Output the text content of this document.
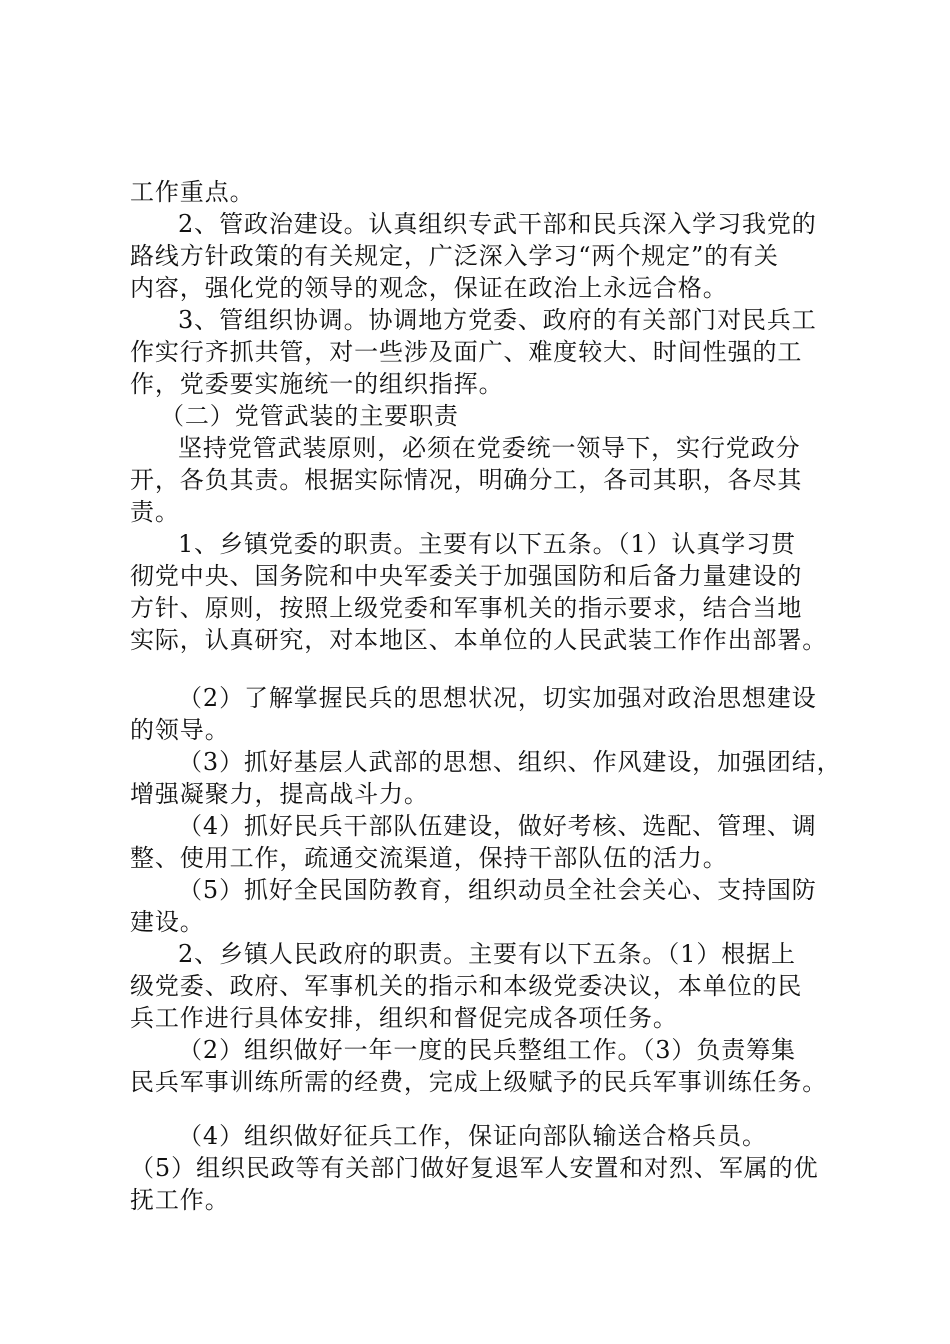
工作重点。
2、管政治建设。认真组织专武干部和民兵深入学习我党的
路线方针政策的有关规定，广泛深入学习“两个规定”的有关
内容，强化党的领导的观念，保证在政治上永远合格。
3、管组织协调。协调地方党委、政府的有关部门对民兵工
作实行齐抓共管，对一些涉及面广、难度较大、时间性强的工
作，党委要实施统一的组织指挥。
（二）党管武装的主要职责
坚持党管武装原则，必须在党委统一领导下，实行党政分
开，各负其责。根据实际情况，明确分工，各司其职，各尽其
责。
1、乡镇党委的职责。主要有以下五条。（1）认真学习贯
彻党中央、国务院和中央军委关于加强国防和后备力量建设的
方针、原则，按照上级党委和军事机关的指示要求，结合当地
实际，认真研究，对本地区、本单位的人民武装工作作出部署。
（2）了解掌握民兵的思想状况，切实加强对政治思想建设
的领导。
（3）抓好基层人武部的思想、组织、作风建设，加强团结，
增强凝聚力，提高战斗力。
（4）抓好民兵干部队伍建设，做好考核、选配、管理、调
整、使用工作，疏通交流渠道，保持干部队伍的活力。
（5）抓好全民国防教育，组织动员全社会关心、支持国防
建设。
2、乡镇人民政府的职责。主要有以下五条。（1）根据上
级党委、政府、军事机关的指示和本级党委决议，本单位的民
兵工作进行具体安排，组织和督促完成各项任务。
（2）组织做好一年一度的民兵整组工作。（3）负责筹集
民兵军事训练所需的经费，完成上级赋予的民兵军事训练任务。
（4）组织做好征兵工作，保证向部队输送合格兵员。
（5）组织民政等有关部门做好复退军人安置和对烈、军属的优
抚工作。
